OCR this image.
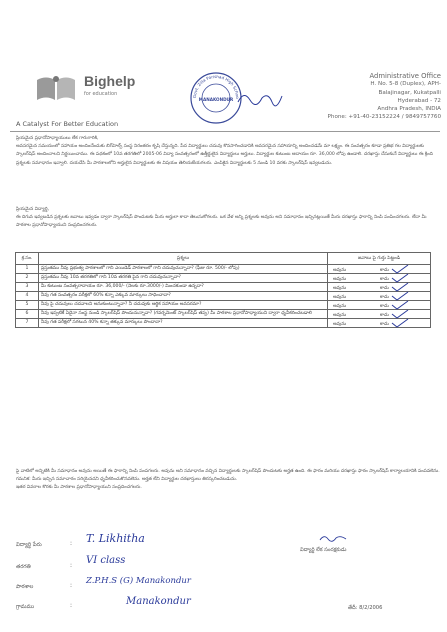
Bighelp
for education
A Catalyst For Better Education
Govt. Zilla Parishad High Schoo
MANAKONDUR
Administrative Office
H. No. 5-8 (Duplex), APH-
Balajinagar, Kukatpalli
Hyderabad - 72
Andhra Pradesh, INDIA
Phone: +91-40-23152224 / 9849757760
ప్రియమైన ప్రధానోపాధ్యాయులు లేక గారుగారికి,
అవసరమైన సమయంలో సహాయం అందించేందుకు బిగ్‌హెల్ప్ సంస్థ నిరంతరం కృషి చేస్తున్నది. పేద విద్యార్థులు చదువు కొనసాగించడానికి అవసరమైన సహాయాన్ని అందించడమే మా లక్ష్యం. ఈ సంవత్సరం కూడా ప్రతిభ గల విద్యార్థులకు స్కాలర్‌షిప్ అందించాలని నిర్ణయించాము. ఈ పథకంలో 10వ తరగతిలో 2005-06 విద్యా సంవత్సరంలో ఉత్తీర్ణులైన విద్యార్థులు అర్హులు. విద్యార్థుల కుటుంబ ఆదాయం రూ. 36,000 లోపు ఉండాలి. దరఖాస్తు చేసుకునే విద్యార్థులు ఈ క్రింది ప్రశ్నలకు సమాధానం ఇవ్వాలి. దయచేసి మీ పాఠశాలలోని అర్హులైన విద్యార్థులకు ఈ విషయం తెలియజేయగలరు. ఎంపికైన విద్యార్థులకు 5 నుండి 10 వరకు స్కాలర్‌షిప్ ఇవ్వబడును.
ప్రియమైన విద్యార్థి,
ఈ దిగువ ఇవ్వబడిన ప్రశ్నలకు జవాబు ఇవ్వడం ద్వారా స్కాలర్‌షిప్ పొందుటకు మీరు అర్హులా కాదా తెలుసుకోగలరు. ఒక వేళ అన్ని ప్రశ్నలకు అవును అని సమాధానం ఇచ్చినట్లయితే మీరు దరఖాస్తు ఫారాన్ని నింపి పంపించగలరు. లేదా మీ పాఠశాల ప్రధానోపాధ్యాయుని సంప్రదించగలరు.
క్ర.సం.	ప్రశ్నలు	జవాబు పై గుర్తు పెట్టండి
1	ప్రస్తుతము నీవు ప్రభుత్వ పాఠశాలలో గాని ఎయిడెడ్ పాఠశాలలో గాని చదువుచున్నావా? (ఫీజు రూ. 500/- లోపు)	అవును కాదు

2	ప్రస్తుతము నీవు 10వ తరగతిలో గాని 10వ తరగతి పైన గాని చదువుచున్నావా?	అవును కాదు

3	మీ కుటుంబ సంవత్సరాదాయం రూ. 36,000/- (నెలకు రూ.3000/-) మించకుండా ఉన్నదా?	అవును కాదు

4	నీవు గత సంవత్సరం పరీక్షలో 60% కన్నా ఎక్కువ మార్కులు సాధించావా?	అవును కాదు

5	నీవు పై చదువులు చదవాలని అనుకుంటున్నావా? నీ చదువుకు ఆర్థిక సహాయం అవసరమా?	అవును కాదు

6	నీవు ఇప్పటికే ఏదైనా సంస్థ నుండి స్కాలర్‌షిప్ పొందుచున్నావా? (గవర్నమెంట్ స్కాలర్‌షిప్ తప్ప) మీ పాఠశాల ప్రధానోపాధ్యాయుని ద్వారా ధృవీకరించబడాలి	అవును కాదు

7	నీవు గత పరీక్షలో సగటున 40% కన్నా తక్కువ మార్కులు పొందావా?	అవును కాదు
పై వాటిలో అన్నిటికి మీ సమాధానం అవును అయితే ఈ ఫారాన్ని నింపి పంపగలరు. అవును అని సమాధానం వచ్చిన విద్యార్థులకు స్కాలర్‌షిప్ పొందుటకు అర్హత ఉంది. ఈ ఫారం మరియు దరఖాస్తు ఫారం స్కాలర్‌షిప్ కార్యాలయానికి పంపవలెను. గమనిక: మీరు ఇచ్చిన సమాచారం సరియైనదని ధృవీకరించుకొనవలెను. అర్హత లేని విద్యార్థుల దరఖాస్తులు తిరస్కరించబడును.
ఇతర వివరాల కొరకు మీ పాఠశాల ప్రధానోపాధ్యాయుని సంప్రదించగలరు.
విద్యార్థి పేరు	: T. Likhitha
తరగతి	: VI class
పాఠశాల	: Z.P.H.S (G) Manakondur
గ్రామము	:	Manakondur
విద్యార్థి లేక సంరక్షకుడు
తేదీ: 8/2/2006
